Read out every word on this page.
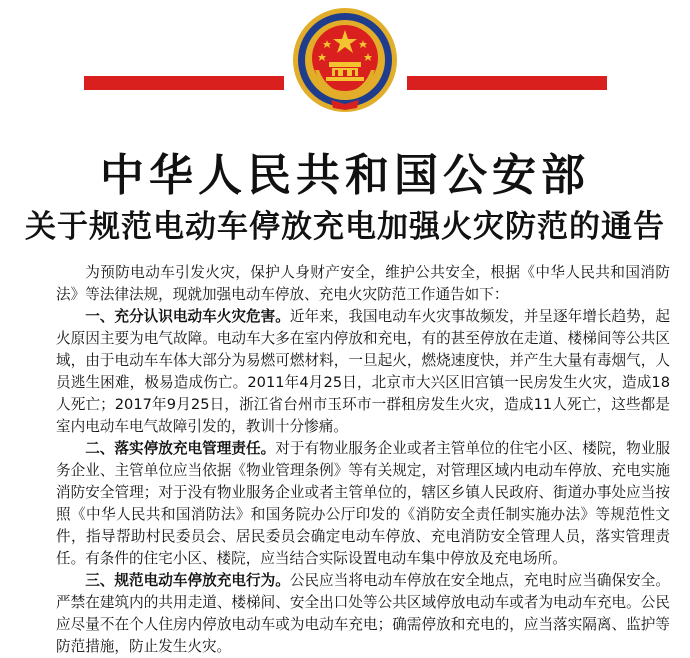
中华人民共和国公安部
关于规范电动车停放充电加强火灾防范的通告

为预防电动车引发火灾，保护人身财产安全，维护公共安全，根据《中华人民共和国消防法》等法律法规，现就加强电动车停放、充电火灾防范工作通告如下：

一、充分认识电动车火灾危害。近年来，我国电动车火灾事故频发，并呈逐年增长趋势，起火原因主要为电气故障。电动车大多在室内停放和充电，有的甚至停放在走道、楼梯间等公共区域，由于电动车车体大部分为易燃可燃材料，一旦起火，燃烧速度快，并产生大量有毒烟气，人员逃生困难，极易造成伤亡。2011年4月25日，北京市大兴区旧宫镇一民房发生火灾，造成18人死亡；2017年9月25日，浙江省台州市玉环市一群租房发生火灾，造成11人死亡，这些都是室内电动车电气故障引发的，教训十分惨痛。

二、落实停放充电管理责任。对于有物业服务企业或者主管单位的住宅小区、楼院，物业服务企业、主管单位应当依据《物业管理条例》等有关规定，对管理区域内电动车停放、充电实施消防安全管理；对于没有物业服务企业或者主管单位的，辖区乡镇人民政府、街道办事处应当按照《中华人民共和国消防法》和国务院办公厅印发的《消防安全责任制实施办法》等规范性文件，指导帮助村民委员会、居民委员会确定电动车停放、充电消防安全管理人员，落实管理责任。有条件的住宅小区、楼院，应当结合实际设置电动车集中停放及充电场所。

三、规范电动车停放充电行为。公民应当将电动车停放在安全地点，充电时应当确保安全。严禁在建筑内的共用走道、楼梯间、安全出口处等公共区域停放电动车或者为电动车充电。公民应尽量不在个人住房内停放电动车或为电动车充电；确需停放和充电的，应当落实隔离、监护等防范措施，防止发生火灾。
